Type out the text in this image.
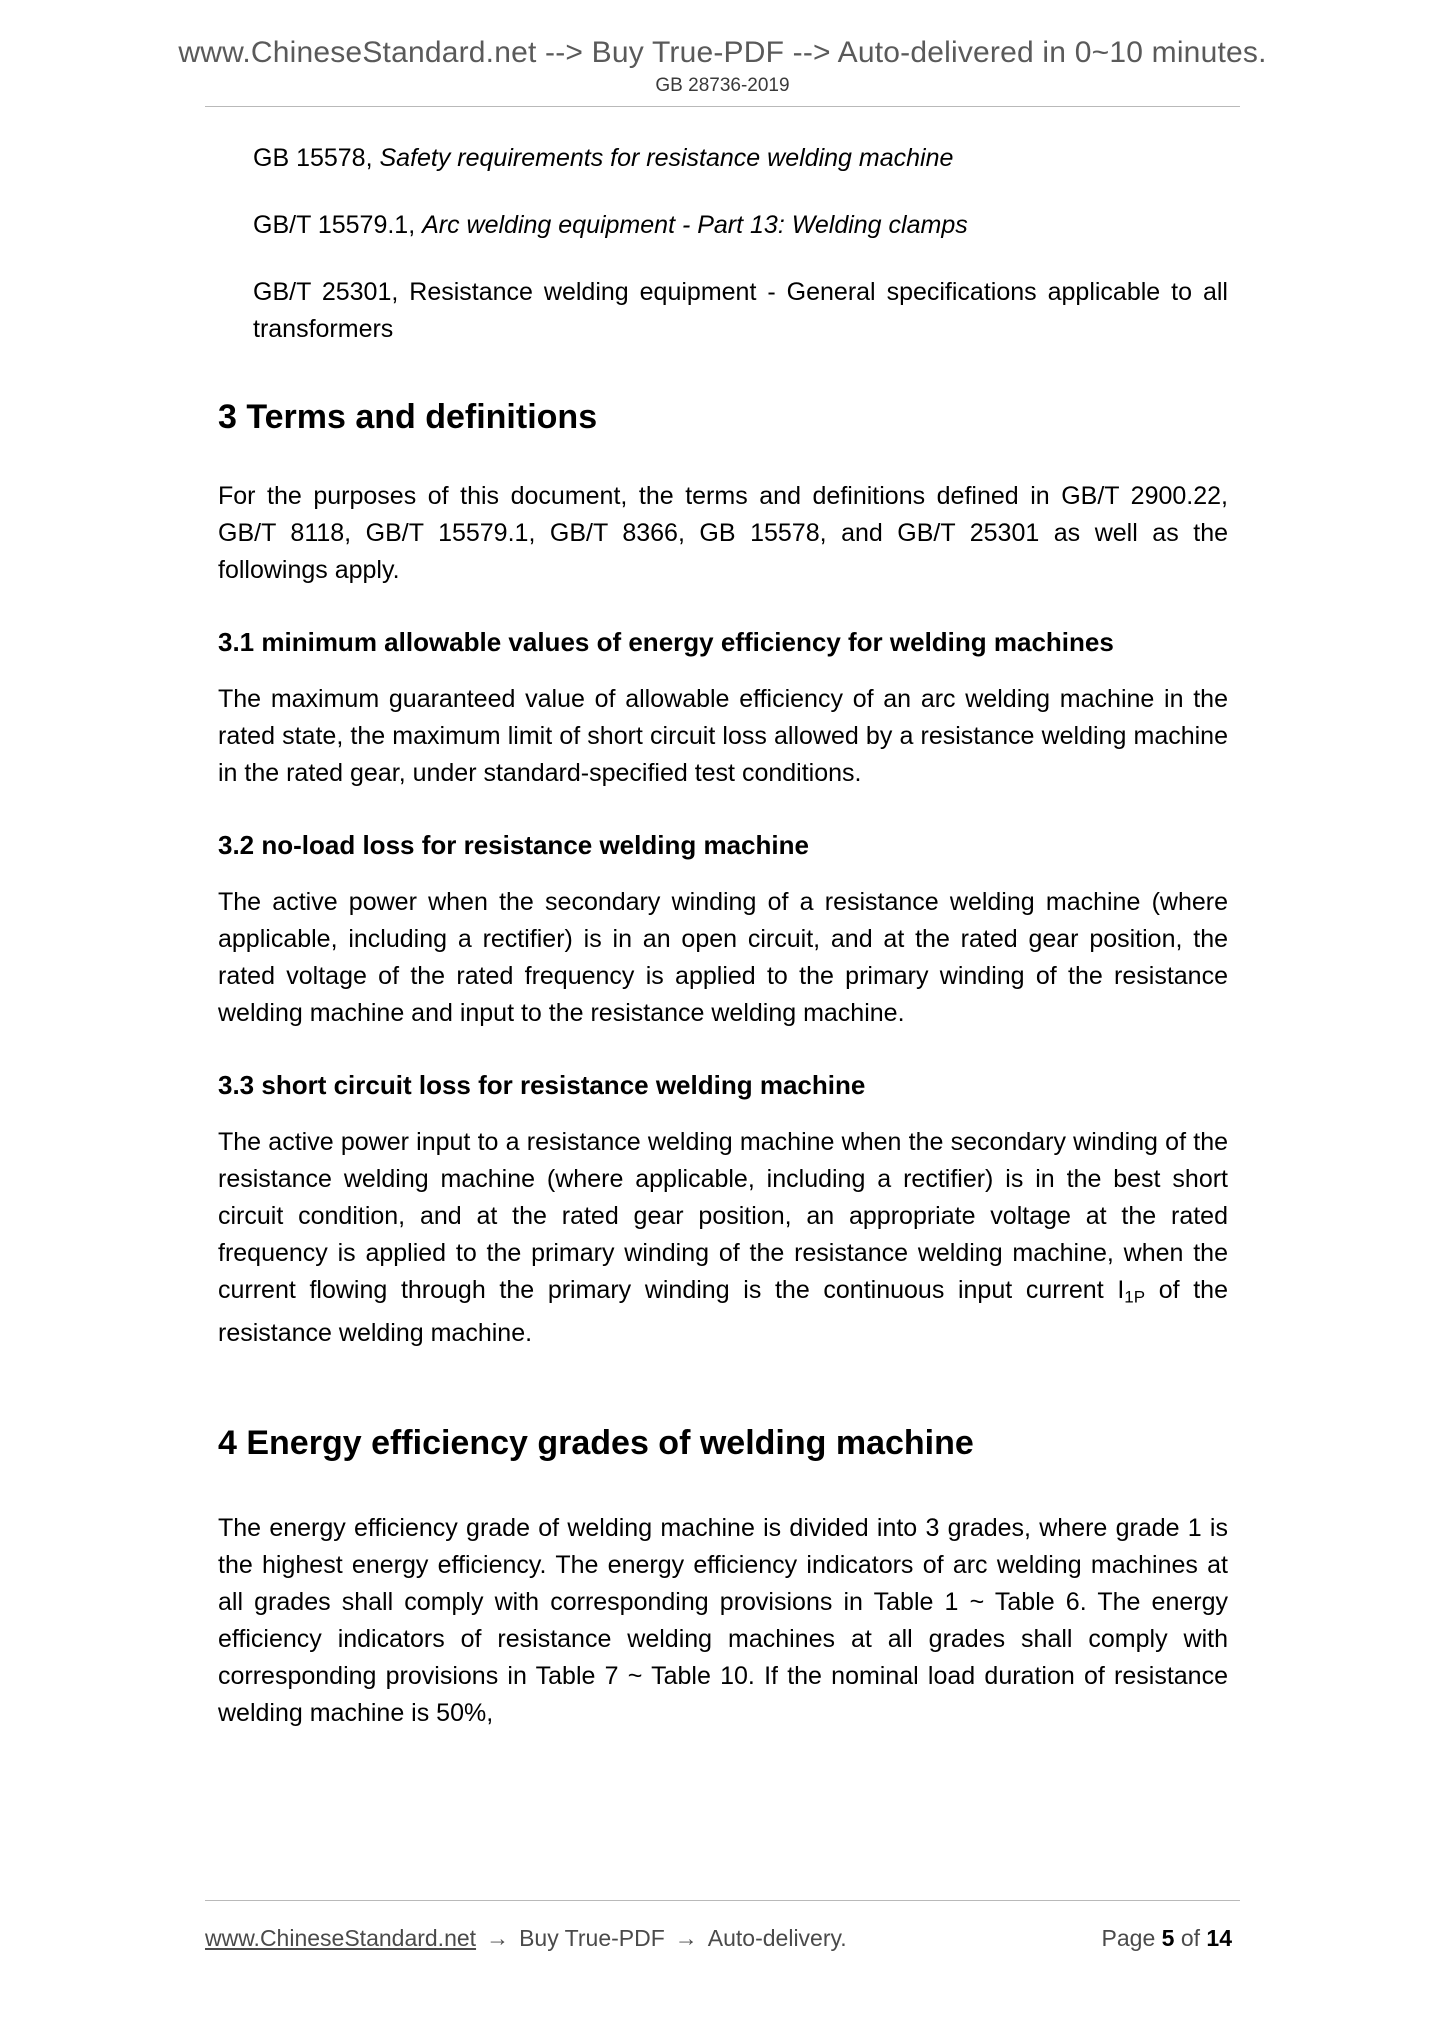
www.ChineseStandard.net --> Buy True-PDF --> Auto-delivered in 0~10 minutes.
GB 28736-2019

GB 15578, Safety requirements for resistance welding machine

GB/T 15579.1, Arc welding equipment - Part 13: Welding clamps

GB/T 25301, Resistance welding equipment - General specifications applicable to all transformers

3 Terms and definitions

For the purposes of this document, the terms and definitions defined in GB/T 2900.22, GB/T 8118, GB/T 15579.1, GB/T 8366, GB 15578, and GB/T 25301 as well as the followings apply.

3.1 minimum allowable values of energy efficiency for welding machines

The maximum guaranteed value of allowable efficiency of an arc welding machine in the rated state, the maximum limit of short circuit loss allowed by a resistance welding machine in the rated gear, under standard-specified test conditions.

3.2 no-load loss for resistance welding machine

The active power when the secondary winding of a resistance welding machine (where applicable, including a rectifier) is in an open circuit, and at the rated gear position, the rated voltage of the rated frequency is applied to the primary winding of the resistance welding machine and input to the resistance welding machine.

3.3 short circuit loss for resistance welding machine

The active power input to a resistance welding machine when the secondary winding of the resistance welding machine (where applicable, including a rectifier) is in the best short circuit condition, and at the rated gear position, an appropriate voltage at the rated frequency is applied to the primary winding of the resistance welding machine, when the current flowing through the primary winding is the continuous input current $I_{1P}$ of the resistance welding machine.

4 Energy efficiency grades of welding machine

The energy efficiency grade of welding machine is divided into 3 grades, where grade 1 is the highest energy efficiency. The energy efficiency indicators of arc welding machines at all grades shall comply with corresponding provisions in Table 1 ~ Table 6. The energy efficiency indicators of resistance welding machines at all grades shall comply with corresponding provisions in Table 7 ~ Table 10. If the nominal load duration of resistance welding machine is 50%,

www.ChineseStandard.net → Buy True-PDF → Auto-delivery.	Page 5 of 14
